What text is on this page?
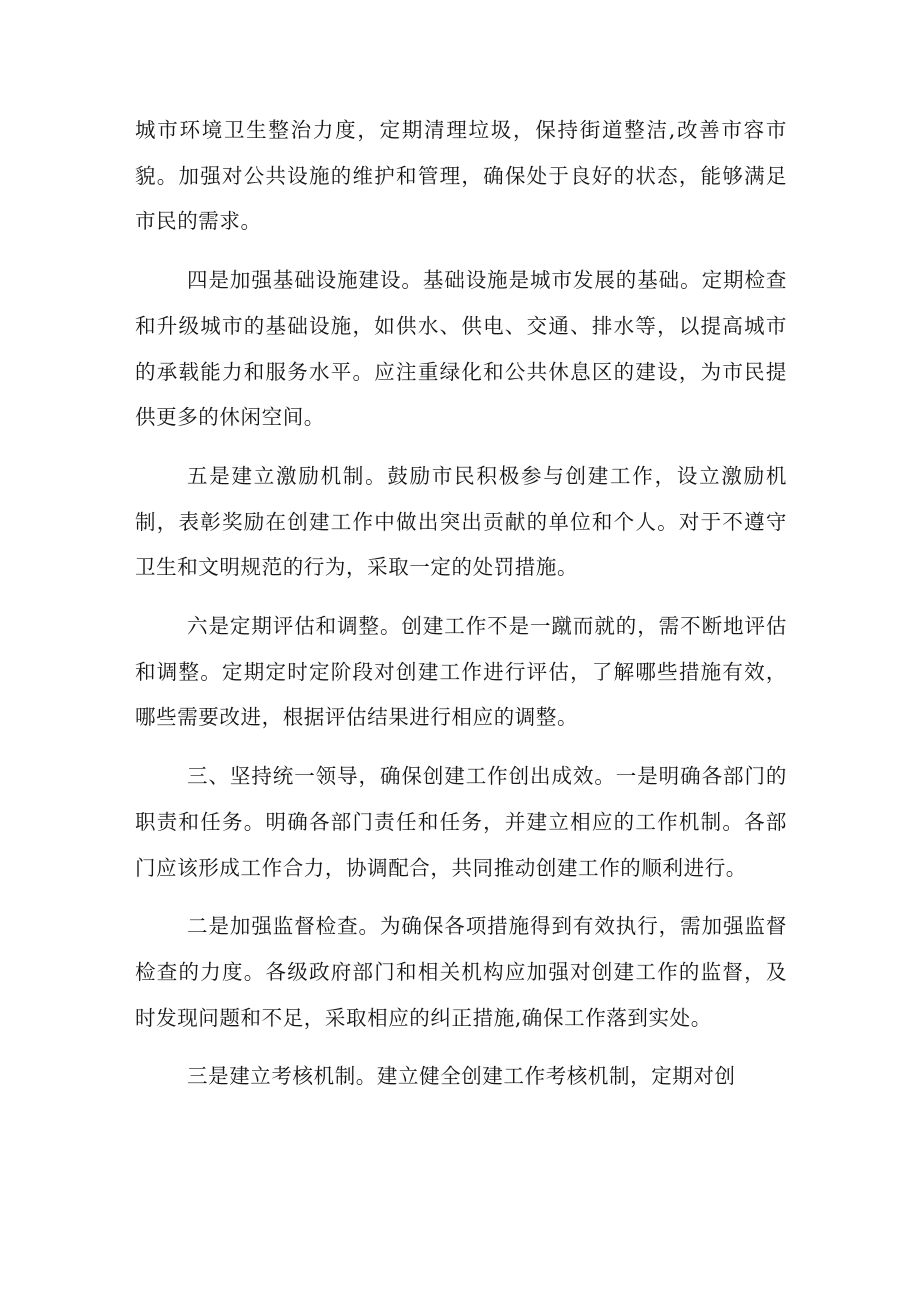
城市环境卫生整治力度，定期清理垃圾，保持街道整洁,改善市容市貌。加强对公共设施的维护和管理，确保处于良好的状态，能够满足市民的需求。

四是加强基础设施建设。基础设施是城市发展的基础。定期检查和升级城市的基础设施，如供水、供电、交通、排水等，以提高城市的承载能力和服务水平。应注重绿化和公共休息区的建设，为市民提供更多的休闲空间。

五是建立激励机制。鼓励市民积极参与创建工作，设立激励机制，表彰奖励在创建工作中做出突出贡献的单位和个人。对于不遵守卫生和文明规范的行为，采取一定的处罚措施。

六是定期评估和调整。创建工作不是一蹴而就的，需不断地评估和调整。定期定时定阶段对创建工作进行评估，了解哪些措施有效，哪些需要改进，根据评估结果进行相应的调整。

三、坚持统一领导，确保创建工作创出成效。一是明确各部门的职责和任务。明确各部门责任和任务，并建立相应的工作机制。各部门应该形成工作合力，协调配合，共同推动创建工作的顺利进行。

二是加强监督检查。为确保各项措施得到有效执行，需加强监督检查的力度。各级政府部门和相关机构应加强对创建工作的监督，及时发现问题和不足，采取相应的纠正措施,确保工作落到实处。

三是建立考核机制。建立健全创建工作考核机制，定期对创
